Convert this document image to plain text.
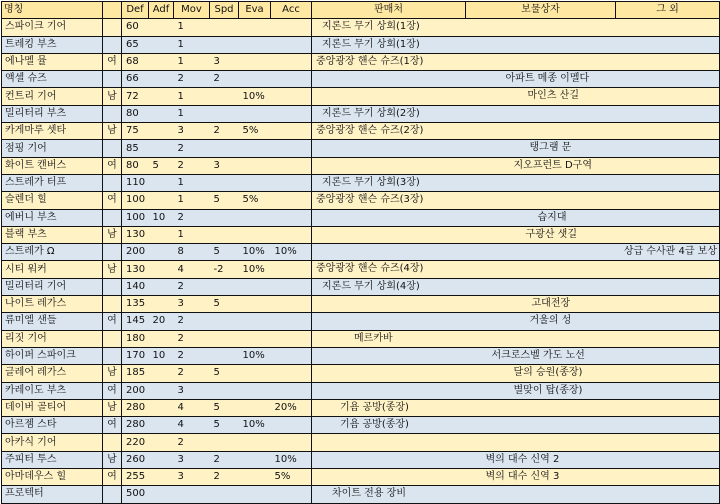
명칭		Def	Adf	Mov	Spd	Eva	Acc	판매처	보물상자	그 외
스파이크 기어		60		1				지론드 무기 상회(1장)		

트레킹 부츠		65		1				지론드 무기 상회(1장)		

에나멜 뮬	여	68		1	3			중앙광장 핸슨 슈즈(1장)		

액셀 슈즈		66		2	2				아파트 메종 이멜다	

컨트리 기어	남	72		1		10%			마인츠 산길	

밀리터리 부츠		80		1				지론드 무기 상회(2장)		

카게마루 셋타	남	75		3	2	5%		중앙광장 핸슨 슈즈(2장)		

점핑 기어		85		2					탱그램 문	

화이트 캔버스	여	80	5	2	3				지오프런트 D구역	

스트레가 터프		110		1				지론드 무기 상회(3장)		

슬렌더 힐	여	100		1	5	5%		중앙광장 핸슨 슈즈(3장)		

에버니 부츠		100	10	2					습지대	

블랙 부츠	남	130		1					구광산 샛길	

스트레가 Ω		200		8	5	10%	10%			상급 수사관 4급 보상

시티 워커	남	130		4	-2	10%		중앙광장 핸슨 슈즈(4장)		

밀리터리 기어		140		2				지론드 무기 상회(4장)		

나이트 레가스		135		3	5				고대전장	

류미엘 샌들	여	145	20	2					거울의 성	

리짓 기어		180		2				메르카바		

하이퍼 스파이크		170	10	2		10%			서크로스벨 가도 노선	

글레어 레가스	남	185		2	5				달의 승원(종장)	

카레이도 부츠	여	200		3					별맞이 탑(종장)	

데이버 골티어	남	280		4	5		20%	기욤 공방(종장)		

아르젬 스타	여	280		4	5	10%		기욤 공방(종장)		

아카식 기어		220		2				

주피터 투스	남	260		3	2		10%		벽의 대수 신역 2	

아마데우스 힐	여	255		3	2		5%		벽의 대수 신역 3	

프로텍터		500						차이트 전용 장비		
